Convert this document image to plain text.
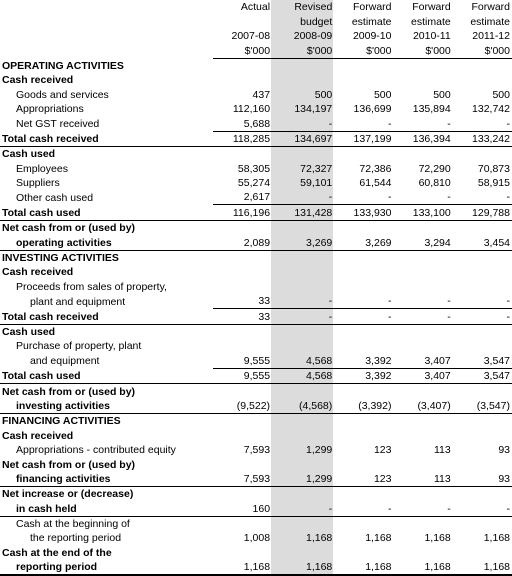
	Actual	Revised	Forward	Forward	Forward
		budget	estimate	estimate	estimate
	2007-08	2008-09	2009-10	2010-11	2011-12
	$'000	$'000	$'000	$'000	$'000
OPERATING ACTIVITIES					
Cash received					
Goods and services	437	500	500	500	500
Appropriations	112,160	134,197	136,699	135,894	132,742
Net GST received	5,688	-	-	-	-
Total cash received	118,285	134,697	137,199	136,394	133,242
Cash used					
Employees	58,305	72,327	72,386	72,290	70,873
Suppliers	55,274	59,101	61,544	60,810	58,915
Other cash used	2,617	-	-	-	-
Total cash used	116,196	131,428	133,930	133,100	129,788
Net cash from or (used by)					
operating activities	2,089	3,269	3,269	3,294	3,454
INVESTING ACTIVITIES					
Cash received					
Proceeds from sales of property,					
plant and equipment	33	-	-	-	-
Total cash received	33	-	-	-	-
Cash used					
Purchase of property, plant					
and equipment	9,555	4,568	3,392	3,407	3,547
Total cash used	9,555	4,568	3,392	3,407	3,547
Net cash from or (used by)					
investing activities	(9,522)	(4,568)	(3,392)	(3,407)	(3,547)
FINANCING ACTIVITIES					
Cash received					
Appropriations - contributed equity	7,593	1,299	123	113	93
Net cash from or (used by)					
financing activities	7,593	1,299	123	113	93
Net increase or (decrease)					
in cash held	160	-	-	-	-
Cash at the beginning of					
the reporting period	1,008	1,168	1,168	1,168	1,168
Cash at the end of the					
reporting period	1,168	1,168	1,168	1,168	1,168
